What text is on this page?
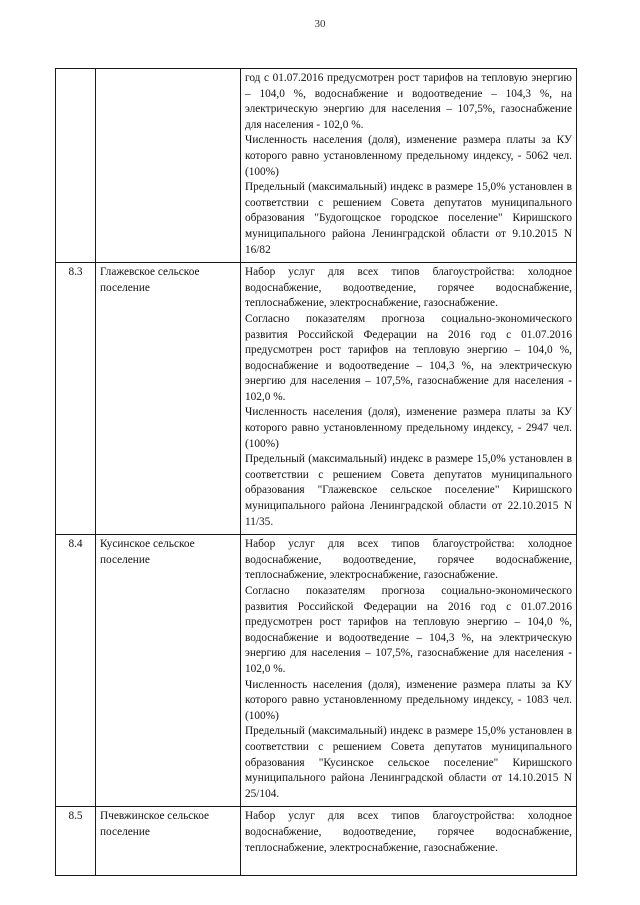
30

		год с 01.07.2016 предусмотрен рост тарифов на тепловую энергию – 104,0 %, водоснабжение и водоотведение – 104,3 %, на электрическую энергию для населения – 107,5%, газоснабжение для населения - 102,0 %.

Численность населения (доля), изменение размера платы за КУ которого равно установленному предельному индексу, - 5062 чел. (100%)

Предельный (максимальный) индекс в размере 15,0% установлен в соответствии с решением Совета депутатов муниципального образования "Будогощское городское поселение" Киришского муниципального района Ленинградской области от 9.10.2015 N 16/82

8.3	Глажевское сельское поселение	Набор услуг для всех типов благоустройства: холодное водоснабжение, водоотведение, горячее водоснабжение, теплоснабжение, электроснабжение, газоснабжение.

Согласно показателям прогноза социально-экономического развития Российской Федерации на 2016 год с 01.07.2016 предусмотрен рост тарифов на тепловую энергию – 104,0 %, водоснабжение и водоотведение – 104,3 %, на электрическую энергию для населения – 107,5%, газоснабжение для населения - 102,0 %.

Численность населения (доля), изменение размера платы за КУ которого равно установленному предельному индексу, - 2947 чел. (100%)

Предельный (максимальный) индекс в размере 15,0% установлен в соответствии с решением Совета депутатов муниципального образования "Глажевское сельское поселение" Киришского муниципального района Ленинградской области от 22.10.2015 N 11/35.

8.4	Кусинское сельское поселение	Набор услуг для всех типов благоустройства: холодное водоснабжение, водоотведение, горячее водоснабжение, теплоснабжение, электроснабжение, газоснабжение.

Согласно показателям прогноза социально-экономического развития Российской Федерации на 2016 год с 01.07.2016 предусмотрен рост тарифов на тепловую энергию – 104,0 %, водоснабжение и водоотведение – 104,3 %, на электрическую энергию для населения – 107,5%, газоснабжение для населения - 102,0 %.

Численность населения (доля), изменение размера платы за КУ которого равно установленному предельному индексу, - 1083 чел. (100%)

Предельный (максимальный) индекс в размере 15,0% установлен в соответствии с решением Совета депутатов муниципального образования "Кусинское сельское поселение" Киришского муниципального района Ленинградской области от 14.10.2015 N 25/104.

8.5	Пчевжинское сельское поселение	Набор услуг для всех типов благоустройства: холодное водоснабжение, водоотведение, горячее водоснабжение, теплоснабжение, электроснабжение, газоснабжение.
